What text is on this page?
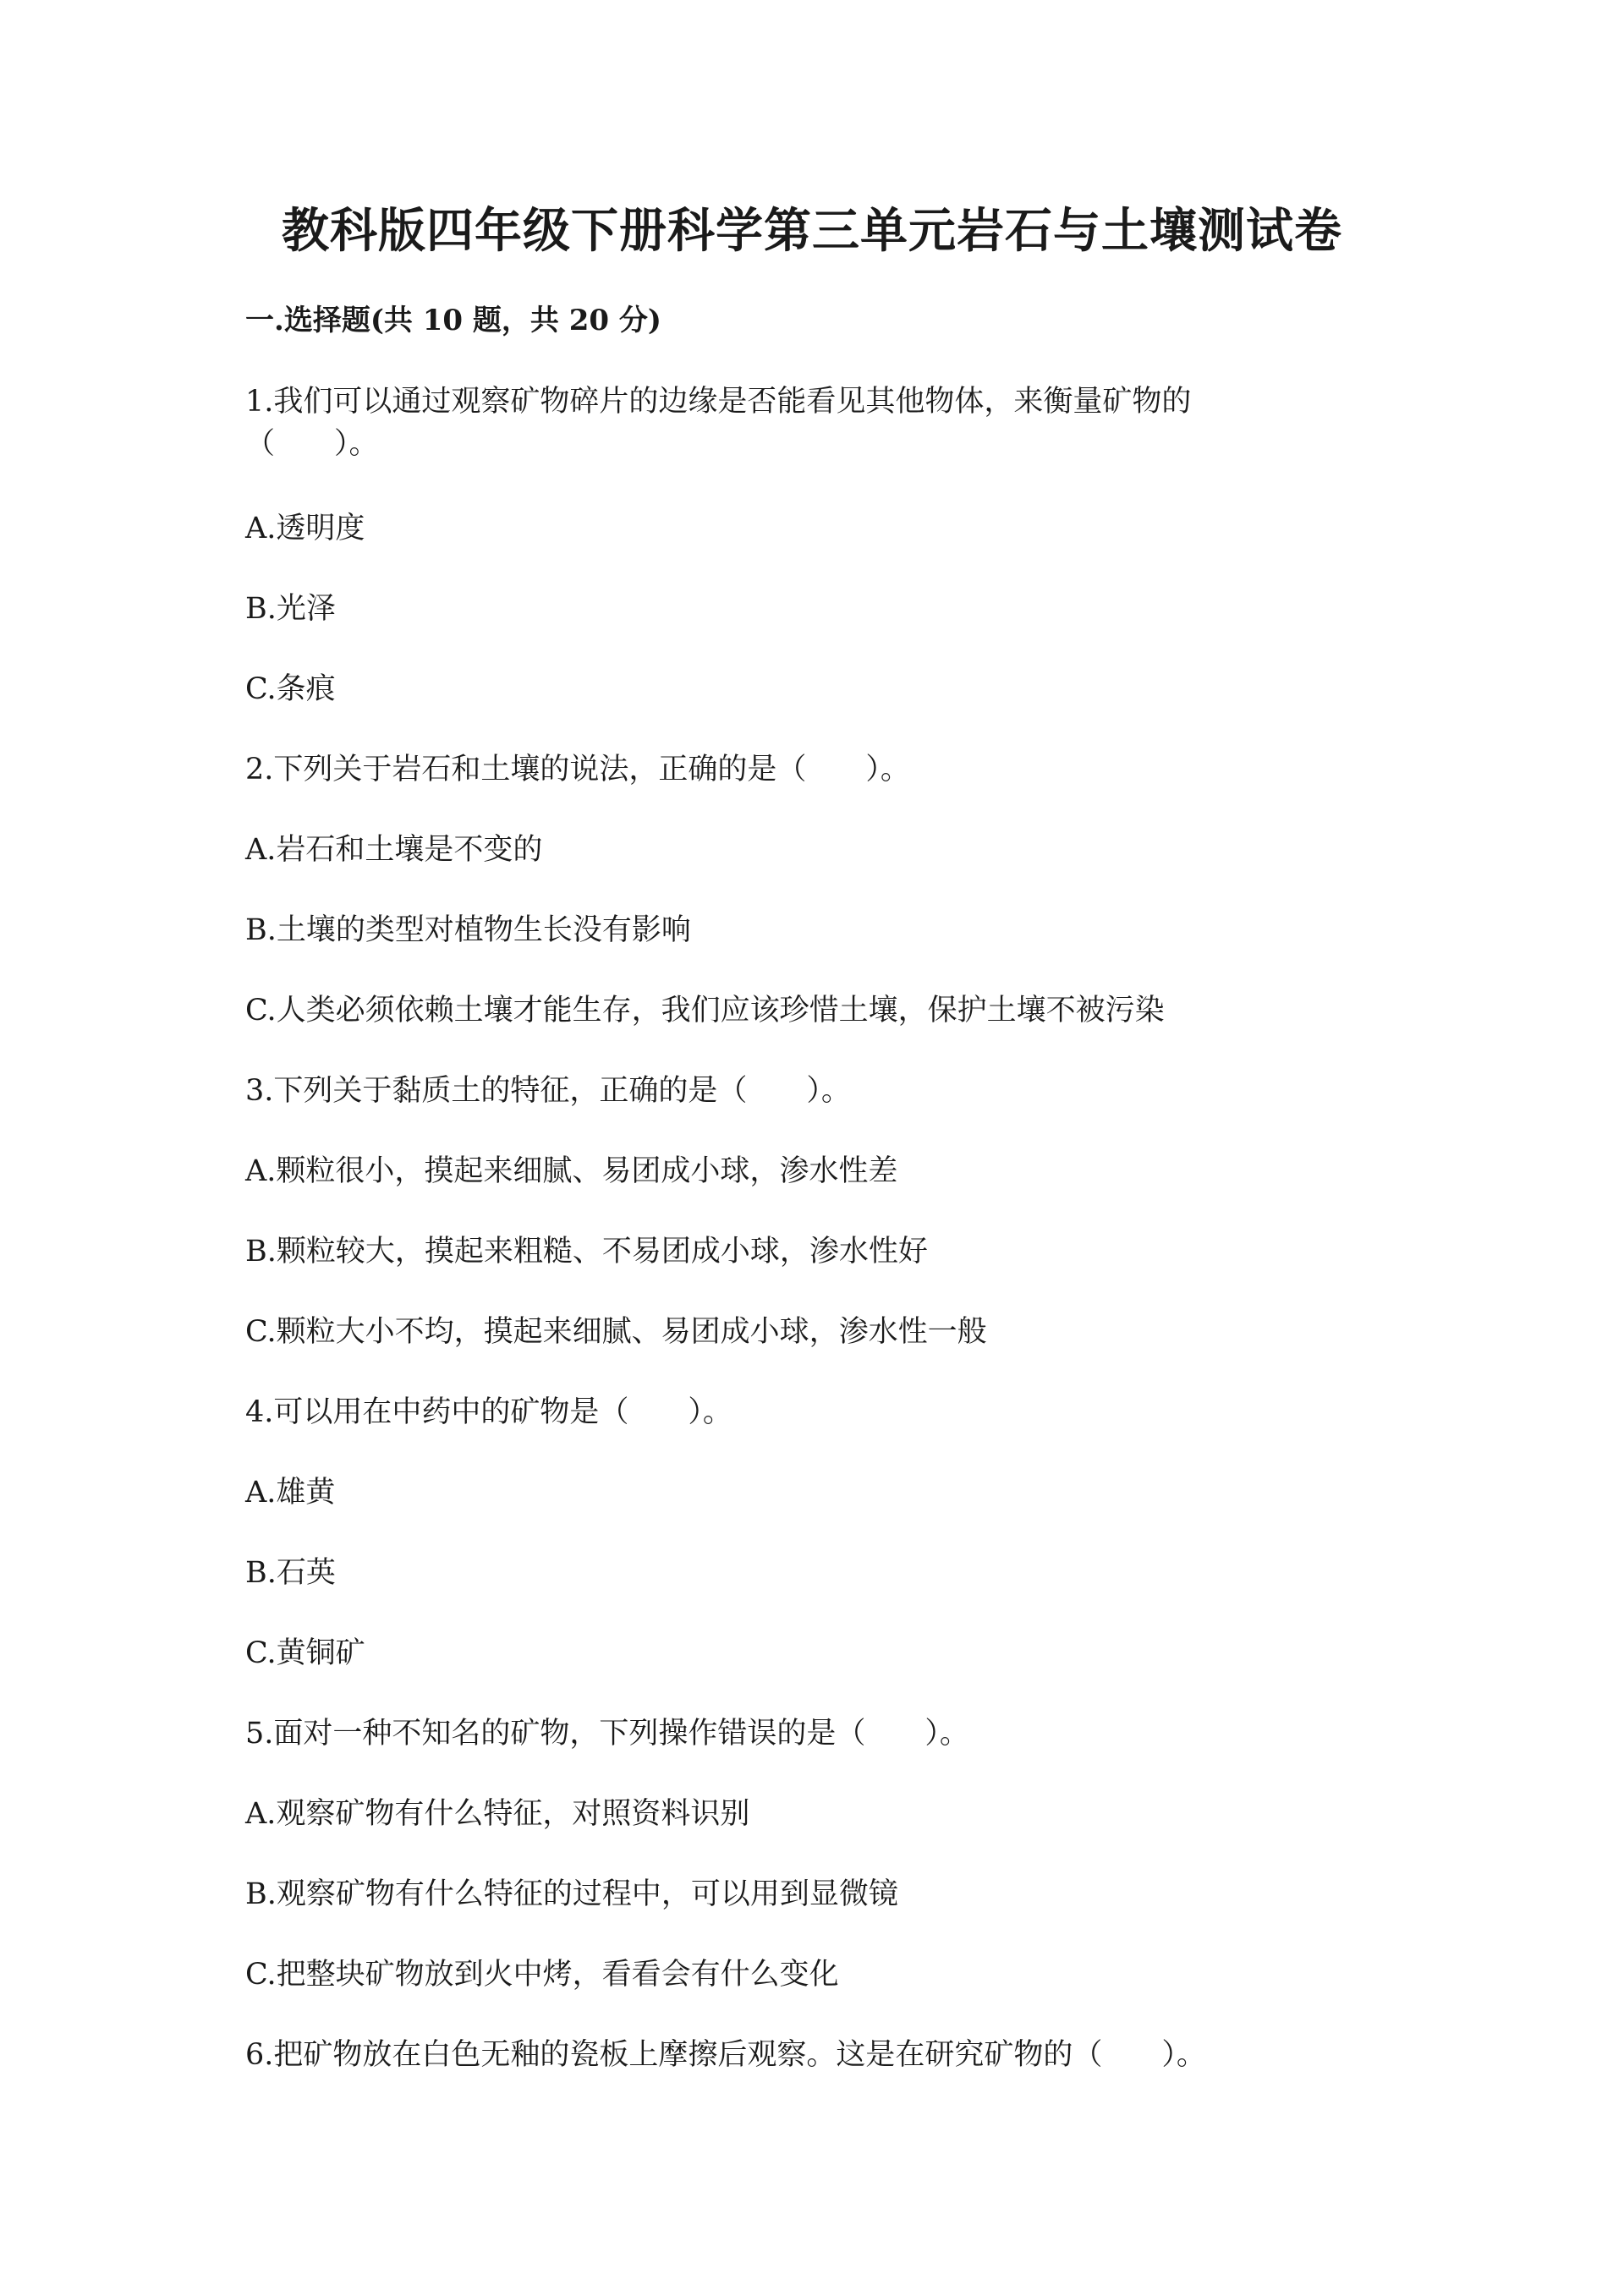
教科版四年级下册科学第三单元岩石与土壤测试卷
一.选择题(共 10 题，共 20 分)
1.我们可以通过观察矿物碎片的边缘是否能看见其他物体，来衡量矿物的
（　　）。
A.透明度
B.光泽
C.条痕
2.下列关于岩石和土壤的说法，正确的是（　　）。
A.岩石和土壤是不变的
B.土壤的类型对植物生长没有影响
C.人类必须依赖土壤才能生存，我们应该珍惜土壤，保护土壤不被污染
3.下列关于黏质土的特征，正确的是（　　）。
A.颗粒很小，摸起来细腻、易团成小球，渗水性差
B.颗粒较大，摸起来粗糙、不易团成小球，渗水性好
C.颗粒大小不均，摸起来细腻、易团成小球，渗水性一般
4.可以用在中药中的矿物是（　　）。
A.雄黄
B.石英
C.黄铜矿
5.面对一种不知名的矿物，下列操作错误的是（　　）。
A.观察矿物有什么特征，对照资料识别
B.观察矿物有什么特征的过程中，可以用到显微镜
C.把整块矿物放到火中烤，看看会有什么变化
6.把矿物放在白色无釉的瓷板上摩擦后观察。这是在研究矿物的（　　）。
